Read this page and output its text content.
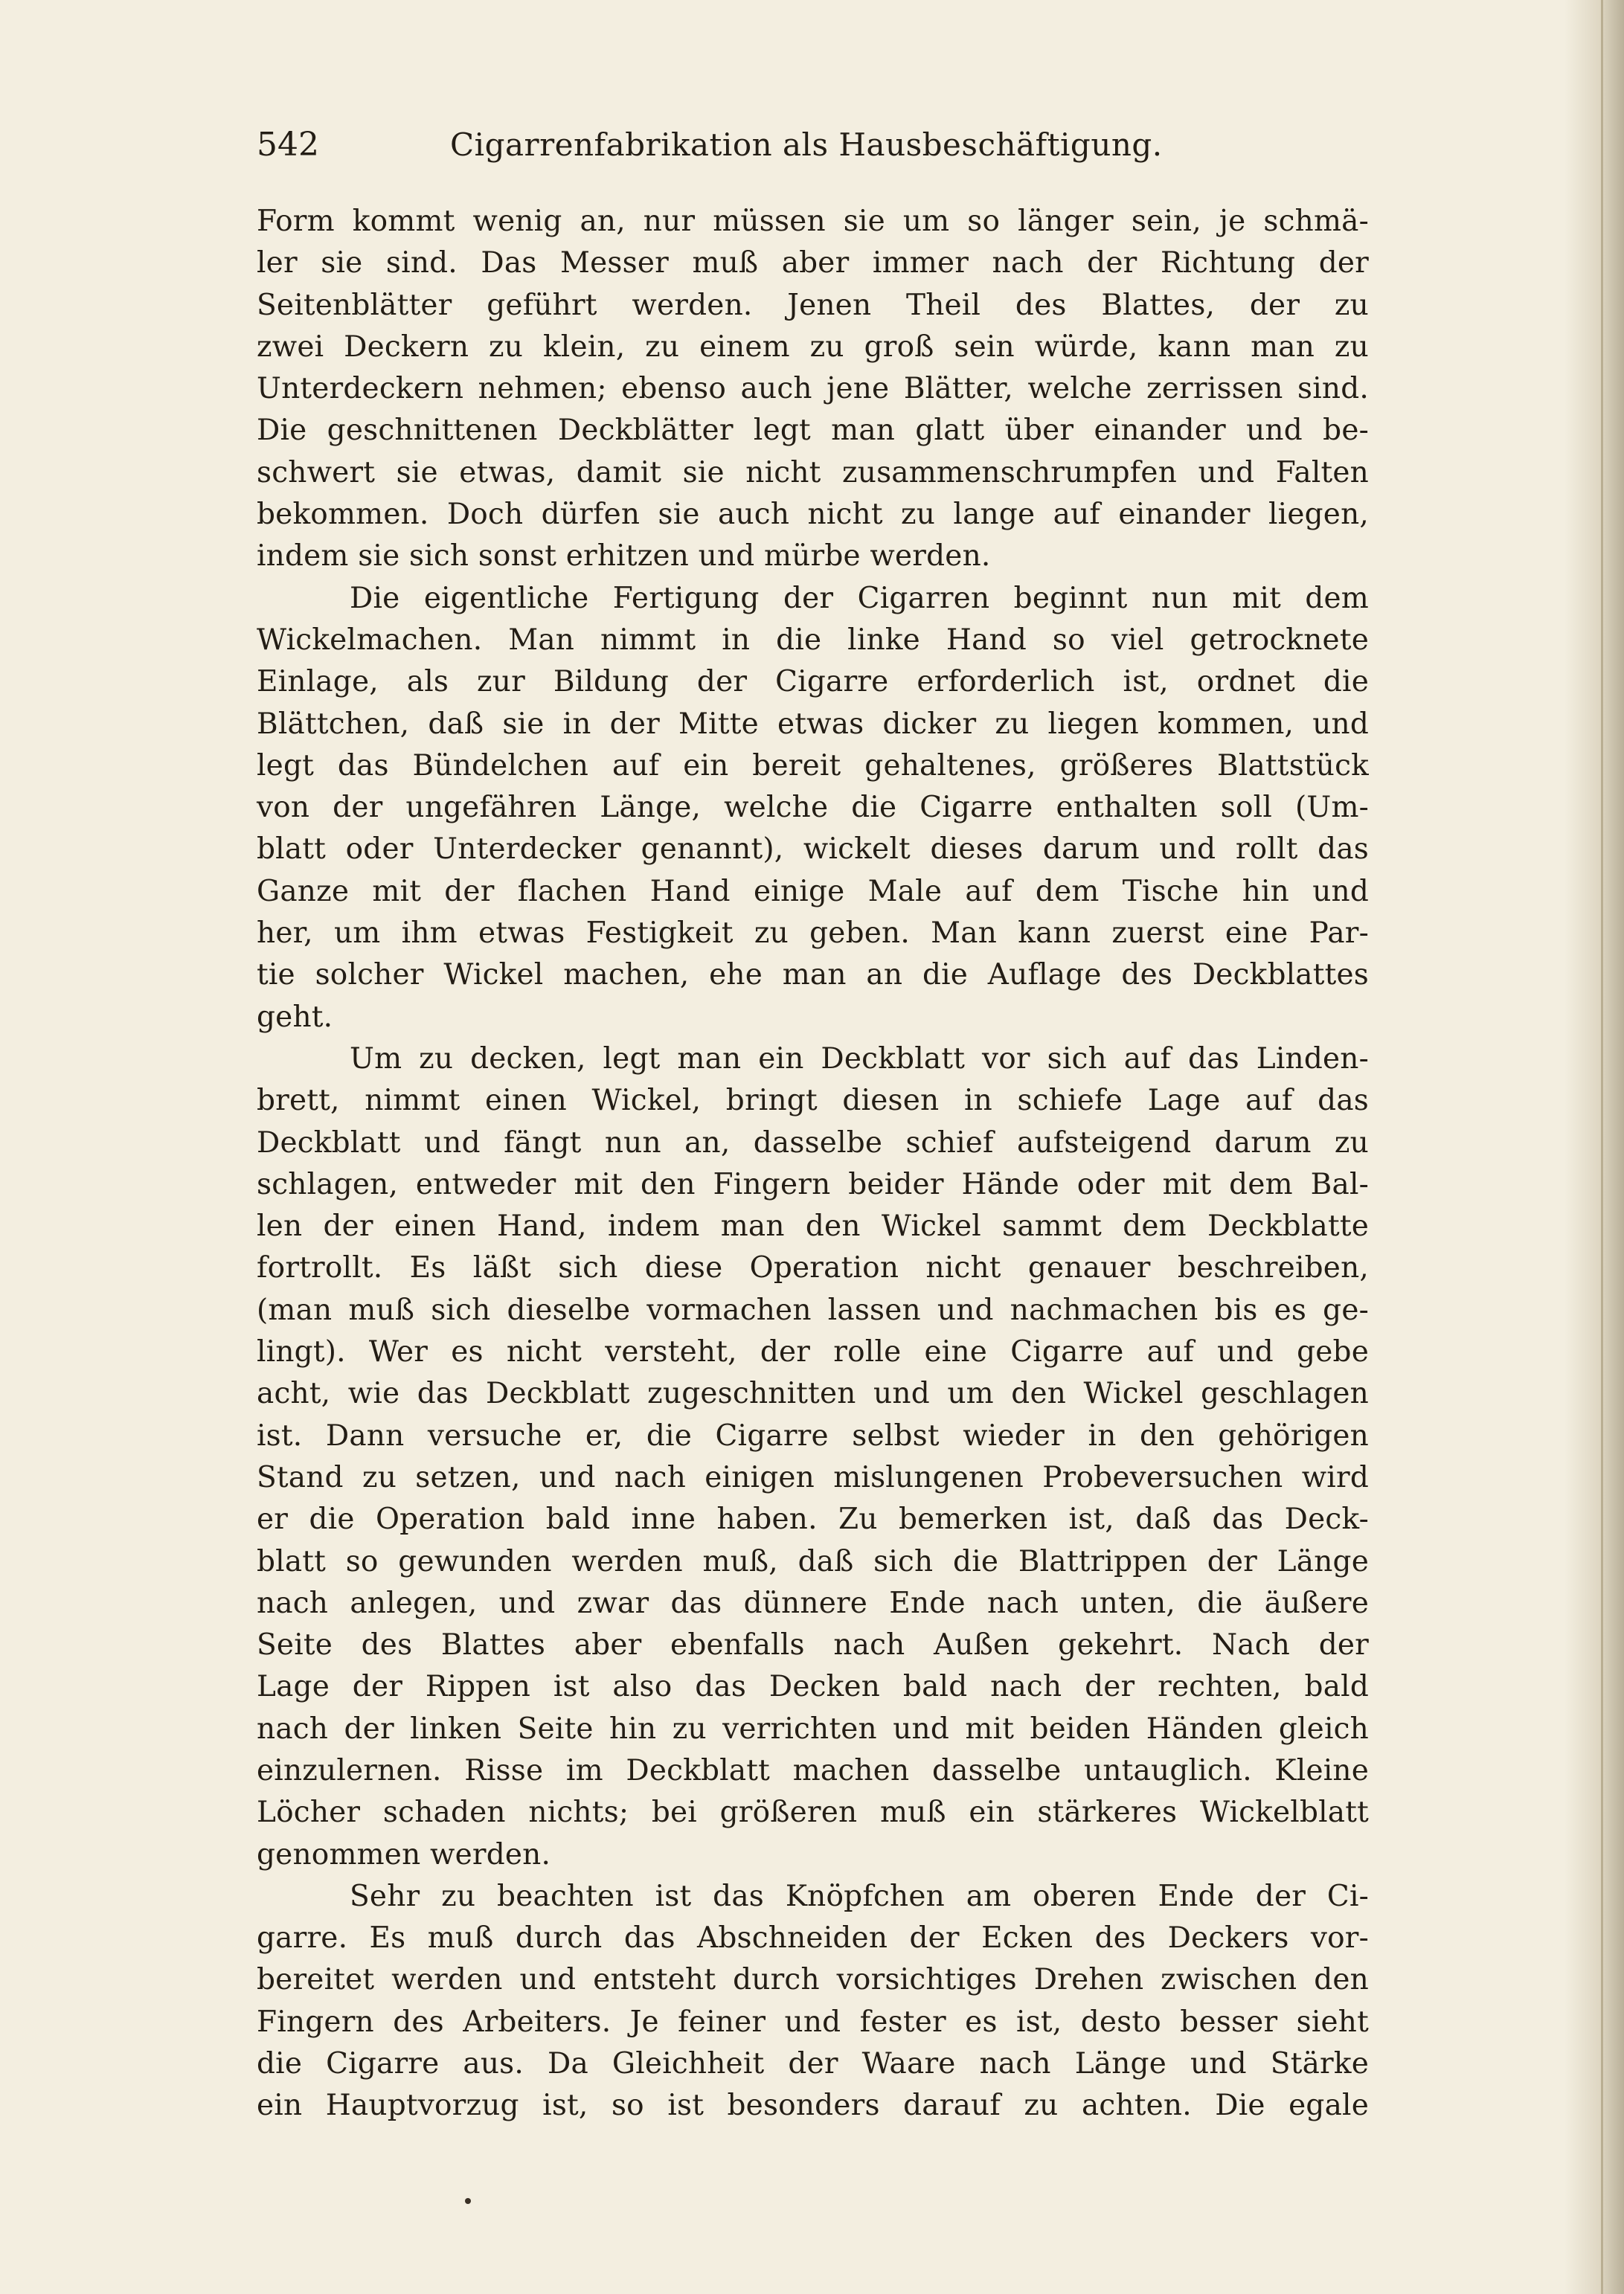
542	Cigarrenfabrikation als Hausbeschäftigung.
Form kommt wenig an, nur müssen sie um so länger sein, je schmä-
ler sie sind. Das Messer muß aber immer nach der Richtung der
Seitenblätter geführt werden. Jenen Theil des Blattes, der zu
zwei Deckern zu klein, zu einem zu groß sein würde, kann man zu
Unterdeckern nehmen; ebenso auch jene Blätter, welche zerrissen sind.
Die geschnittenen Deckblätter legt man glatt über einander und be-
schwert sie etwas, damit sie nicht zusammenschrumpfen und Falten
bekommen. Doch dürfen sie auch nicht zu lange auf einander liegen,
indem sie sich sonst erhitzen und mürbe werden.
Die eigentliche Fertigung der Cigarren beginnt nun mit dem
Wickelmachen. Man nimmt in die linke Hand so viel getrocknete
Einlage, als zur Bildung der Cigarre erforderlich ist, ordnet die
Blättchen, daß sie in der Mitte etwas dicker zu liegen kommen, und
legt das Bündelchen auf ein bereit gehaltenes, größeres Blattstück
von der ungefähren Länge, welche die Cigarre enthalten soll (Um-
blatt oder Unterdecker genannt), wickelt dieses darum und rollt das
Ganze mit der flachen Hand einige Male auf dem Tische hin und
her, um ihm etwas Festigkeit zu geben. Man kann zuerst eine Par-
tie solcher Wickel machen, ehe man an die Auflage des Deckblattes
geht.
Um zu decken, legt man ein Deckblatt vor sich auf das Linden-
brett, nimmt einen Wickel, bringt diesen in schiefe Lage auf das
Deckblatt und fängt nun an, dasselbe schief aufsteigend darum zu
schlagen, entweder mit den Fingern beider Hände oder mit dem Bal-
len der einen Hand, indem man den Wickel sammt dem Deckblatte
fortrollt. Es läßt sich diese Operation nicht genauer beschreiben,
(man muß sich dieselbe vormachen lassen und nachmachen bis es ge-
lingt). Wer es nicht versteht, der rolle eine Cigarre auf und gebe
acht, wie das Deckblatt zugeschnitten und um den Wickel geschlagen
ist. Dann versuche er, die Cigarre selbst wieder in den gehörigen
Stand zu setzen, und nach einigen mislungenen Probeversuchen wird
er die Operation bald inne haben. Zu bemerken ist, daß das Deck-
blatt so gewunden werden muß, daß sich die Blattrippen der Länge
nach anlegen, und zwar das dünnere Ende nach unten, die äußere
Seite des Blattes aber ebenfalls nach Außen gekehrt. Nach der
Lage der Rippen ist also das Decken bald nach der rechten, bald
nach der linken Seite hin zu verrichten und mit beiden Händen gleich
einzulernen. Risse im Deckblatt machen dasselbe untauglich. Kleine
Löcher schaden nichts; bei größeren muß ein stärkeres Wickelblatt
genommen werden.
Sehr zu beachten ist das Knöpfchen am oberen Ende der Ci-
garre. Es muß durch das Abschneiden der Ecken des Deckers vor-
bereitet werden und entsteht durch vorsichtiges Drehen zwischen den
Fingern des Arbeiters. Je feiner und fester es ist, desto besser sieht
die Cigarre aus. Da Gleichheit der Waare nach Länge und Stärke
ein Hauptvorzug ist, so ist besonders darauf zu achten. Die egale
